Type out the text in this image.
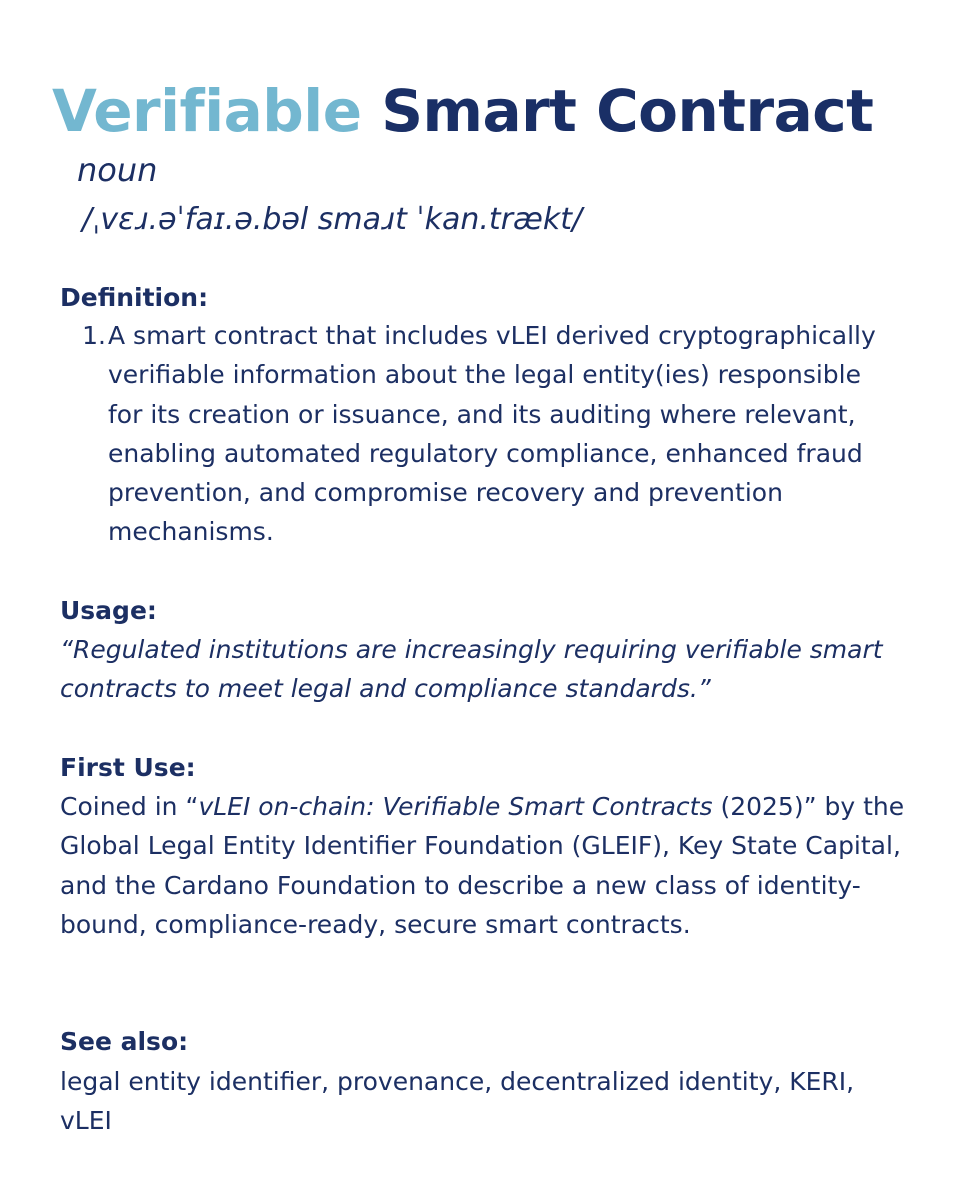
Verifiable Smart Contract
noun
/ˌvɛɹ.əˈfaɪ.ə.bəl smaɹt ˈkan.trækt/
Definition:
1. A smart contract that includes vLEI derived cryptographically verifiable information about the legal entity(ies) responsible for its creation or issuance, and its auditing where relevant, enabling automated regulatory compliance, enhanced fraud prevention, and compromise recovery and prevention mechanisms.
Usage:

“Regulated institutions are increasingly requiring verifiable smart contracts to meet legal and compliance standards.”

First Use:

Coined in “vLEI on-chain: Verifiable Smart Contracts (2025)” by the Global Legal Entity Identifier Foundation (GLEIF), Key State Capital, and the Cardano Foundation to describe a new class of identity-bound, compliance-ready, secure smart contracts.

See also:

legal entity identifier, provenance, decentralized identity, KERI, vLEI
